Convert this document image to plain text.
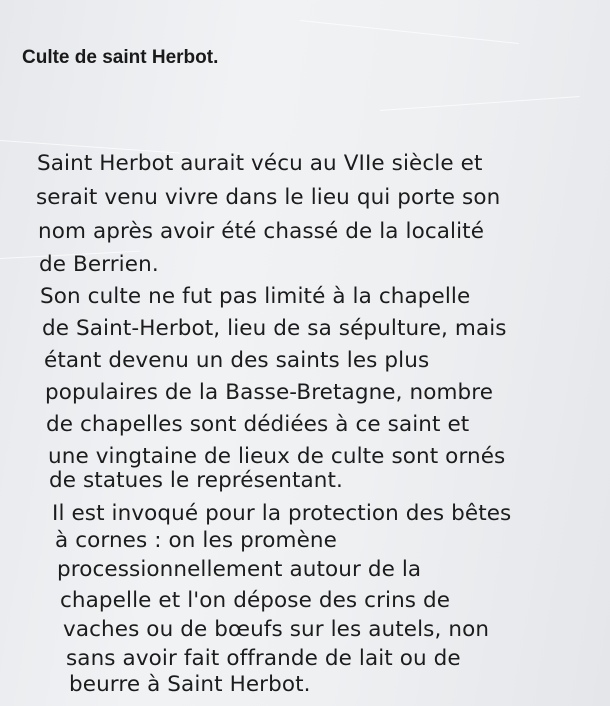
Culte de saint Herbot.

Saint Herbot aurait vécu au VIIe siècle et

serait venu vivre dans le lieu qui porte son

nom après avoir été chassé de la localité

de Berrien.

Son culte ne fut pas limité à la chapelle

de Saint-Herbot, lieu de sa sépulture, mais

étant devenu un des saints les plus

populaires de la Basse-Bretagne, nombre

de chapelles sont dédiées à ce saint et

une vingtaine de lieux de culte sont ornés

de statues le représentant.

Il est invoqué pour la protection des bêtes

à cornes : on les promène

processionnellement autour de la

chapelle et l'on dépose des crins de

vaches ou de bœufs sur les autels, non

sans avoir fait offrande de lait ou de

beurre à Saint Herbot.
